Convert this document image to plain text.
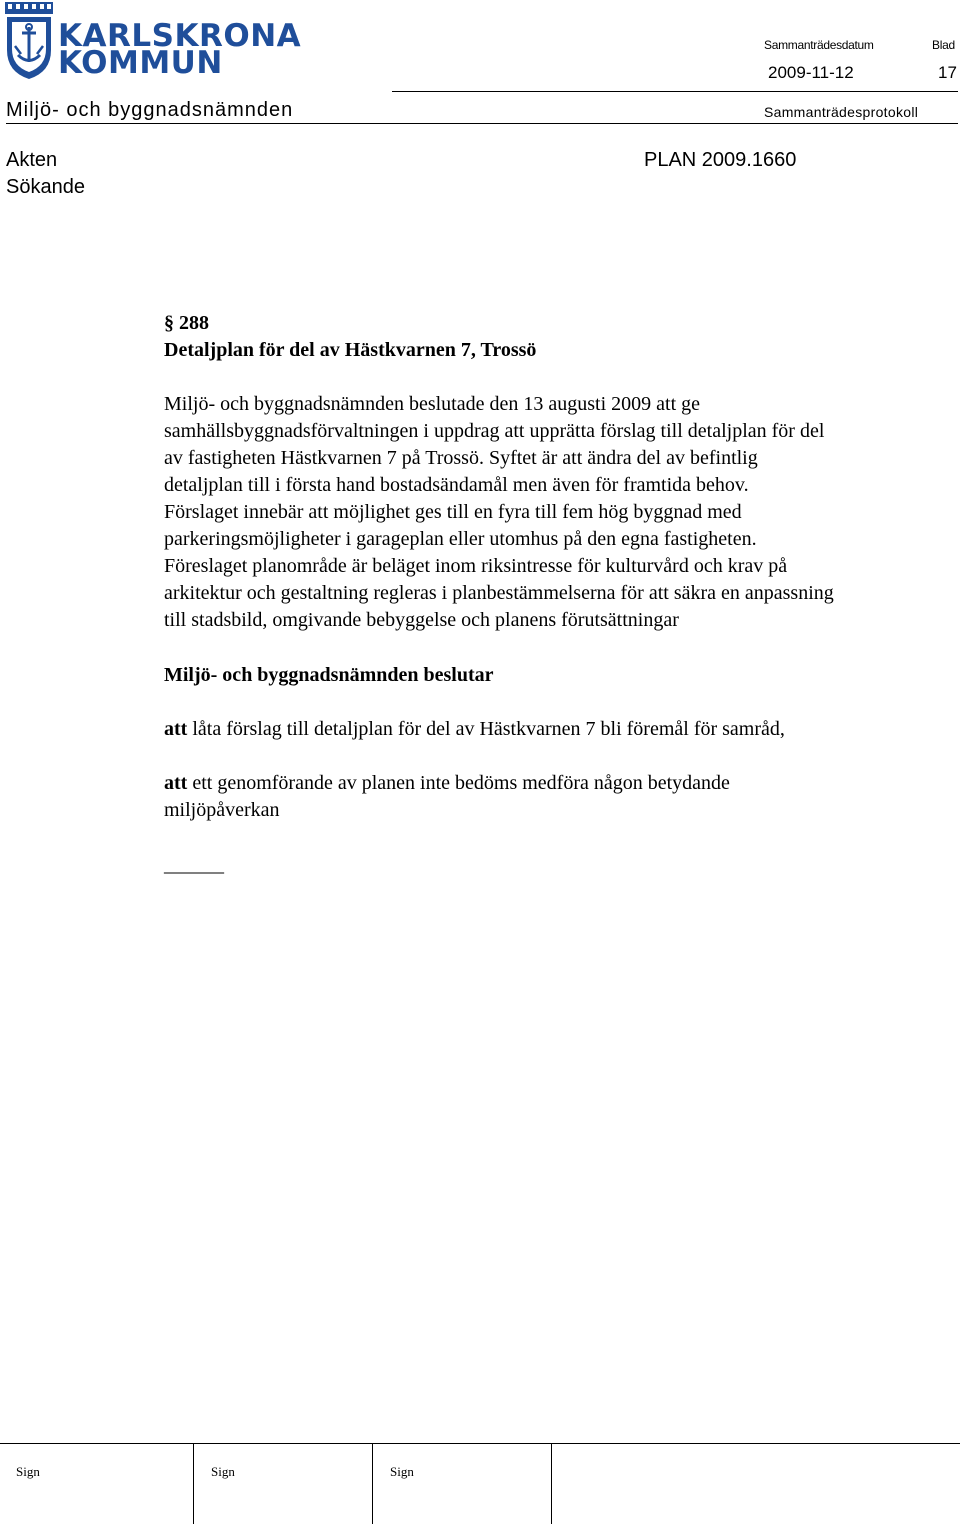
KARLSKRONA
KOMMUN	Sammanträdesdatum	Blad
2009-11-12	17
Miljö- och byggnadsnämnden	Sammanträdesprotokoll
Akten	PLAN 2009.1660
Sökande
§ 288
Detaljplan för del av Hästkvarnen 7, Trossö

Miljö- och byggnadsnämnden beslutade den 13 augusti 2009 att ge

samhällsbyggnadsförvaltningen i uppdrag att upprätta förslag till detaljplan för del

av fastigheten Hästkvarnen 7 på Trossö. Syftet är att ändra del av befintlig

detaljplan till i första hand bostadsändamål men även för framtida behov.

Förslaget innebär att möjlighet ges till en fyra till fem hög byggnad med

parkeringsmöjligheter i garageplan eller utomhus på den egna fastigheten.

Föreslaget planområde är beläget inom riksintresse för kulturvård och krav på

arkitektur och gestaltning regleras i planbestämmelserna för att säkra en anpassning

till stadsbild, omgivande bebyggelse och planens förutsättningar

Miljö- och byggnadsnämnden beslutar
att låta förslag till detaljplan för del av Hästkvarnen 7 bli föremål för samråd,
att ett genomförande av planen inte bedöms medföra någon betydande
miljöpåverkan
______
Sign	Sign	Sign
